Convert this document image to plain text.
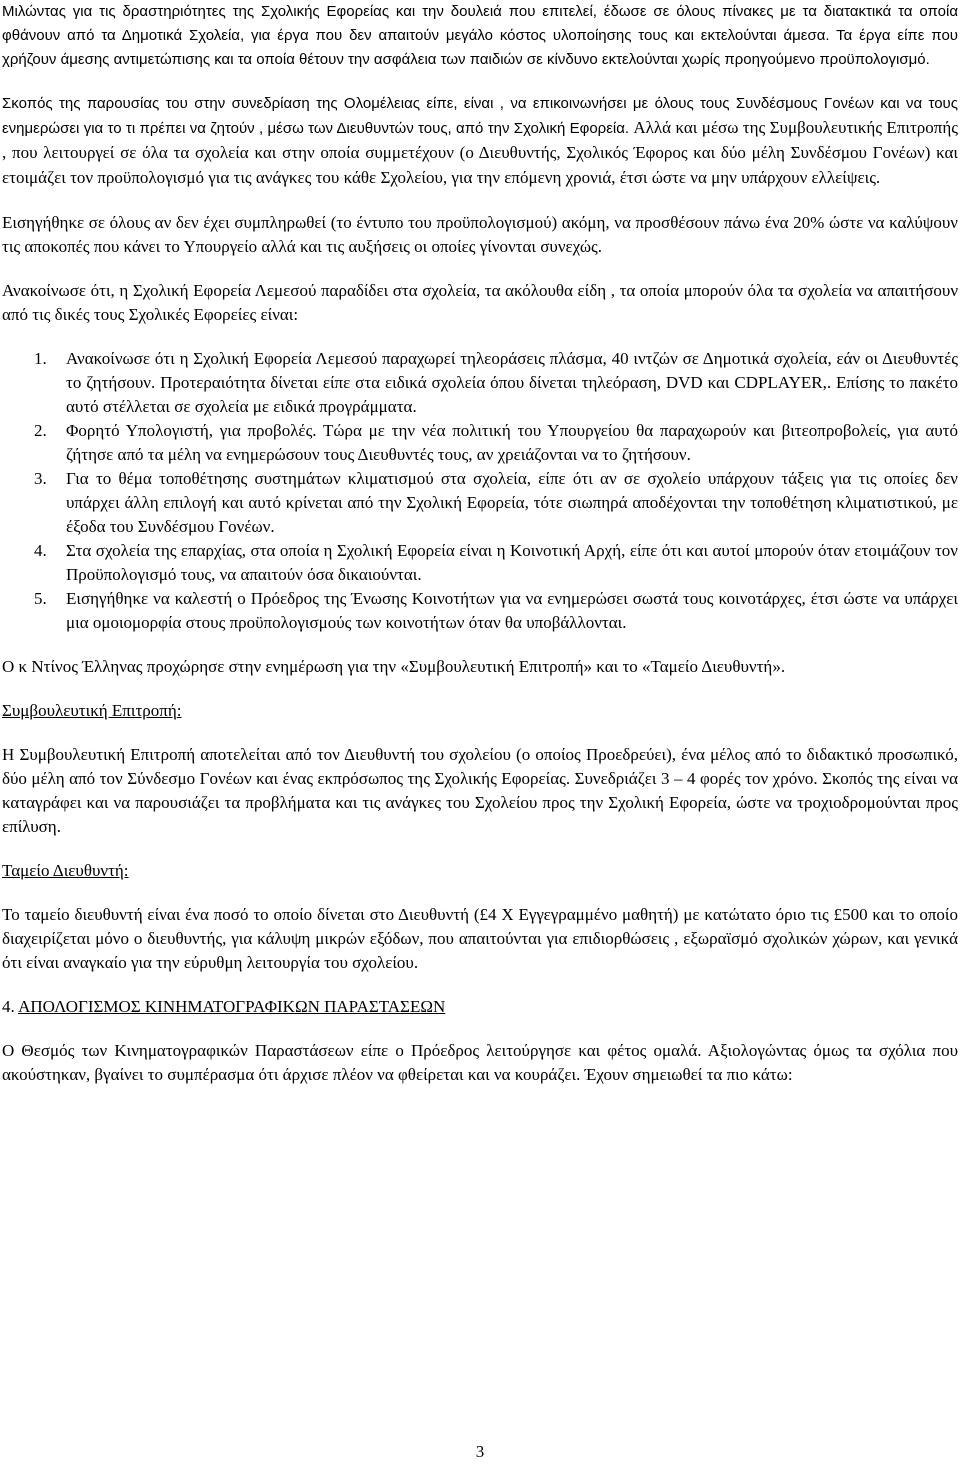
Μιλώντας για τις δραστηριότητες της Σχολικής Εφορείας και την δουλειά που επιτελεί, έδωσε σε όλους πίνακες με τα διατακτικά τα οποία φθάνουν από τα Δημοτικά Σχολεία, για έργα που δεν απαιτούν μεγάλο κόστος υλοποίησης τους και εκτελούνται άμεσα. Τα έργα είπε που χρήζουν άμεσης αντιμετώπισης και τα οποία θέτουν την ασφάλεια των παιδιών σε κίνδυνο εκτελούνται χωρίς προηγούμενο προϋπολογισμό.

Σκοπός της παρουσίας του στην συνεδρίαση της Ολομέλειας είπε, είναι , να επικοινωνήσει με όλους τους Συνδέσμους Γονέων και να τους ενημερώσει για το τι πρέπει να ζητούν , μέσω των Διευθυντών τους, από την Σχολική Εφορεία. Αλλά και μέσω της Συμβουλευτικής Επιτροπής , που λειτουργεί σε όλα τα σχολεία και στην οποία συμμετέχουν (ο Διευθυντής, Σχολικός Έφορος και δύο μέλη Συνδέσμου Γονέων) και ετοιμάζει τον προϋπολογισμό για τις ανάγκες του κάθε Σχολείου, για την επόμενη χρονιά, έτσι ώστε να μην υπάρχουν ελλείψεις.

Εισηγήθηκε σε όλους αν δεν έχει συμπληρωθεί (το έντυπο του προϋπολογισμού) ακόμη, να προσθέσουν πάνω ένα 20% ώστε να καλύψουν τις αποκοπές που κάνει το Υπουργείο αλλά και τις αυξήσεις οι οποίες γίνονται συνεχώς.

Ανακοίνωσε ότι, η Σχολική Εφορεία Λεμεσού παραδίδει στα σχολεία, τα ακόλουθα είδη , τα οποία μπορούν όλα τα σχολεία να απαιτήσουν από τις δικές τους Σχολικές Εφορείες είναι:

1.	Ανακοίνωσε ότι η Σχολική Εφορεία Λεμεσού παραχωρεί τηλεοράσεις πλάσμα, 40 ιντζών σε Δημοτικά σχολεία, εάν οι Διευθυντές το ζητήσουν. Προτεραιότητα δίνεται είπε στα ειδικά σχολεία όπου δίνεται τηλεόραση, DVD και CDPLAYER,. Επίσης το πακέτο αυτό στέλλεται σε σχολεία με ειδικά προγράμματα.
2.	Φορητό Υπολογιστή, για προβολές. Τώρα με την νέα πολιτική του Υπουργείου θα παραχωρούν και βιτεοπροβολείς, για αυτό ζήτησε από τα μέλη να ενημερώσουν τους Διευθυντές τους, αν χρειάζονται να το ζητήσουν.
3.	Για το θέμα τοποθέτησης συστημάτων κλιματισμού στα σχολεία, είπε ότι αν σε σχολείο υπάρχουν τάξεις για τις οποίες δεν υπάρχει άλλη επιλογή και αυτό κρίνεται από την Σχολική Εφορεία, τότε σιωπηρά αποδέχονται την τοποθέτηση κλιματιστικού, με έξοδα του Συνδέσμου Γονέων.
4.	Στα σχολεία της επαρχίας, στα οποία η Σχολική Εφορεία είναι η Κοινοτική Αρχή, είπε ότι και αυτοί μπορούν όταν ετοιμάζουν τον Προϋπολογισμό τους, να απαιτούν όσα δικαιούνται.
5.	Εισηγήθηκε να καλεστή ο Πρόεδρος της Ένωσης Κοινοτήτων για να ενημερώσει σωστά τους κοινοτάρχες, έτσι ώστε να υπάρχει μια ομοιομορφία στους προϋπολογισμούς των κοινοτήτων όταν θα υποβάλλονται.

Ο κ Ντίνος Έλληνας προχώρησε στην ενημέρωση για την «Συμβουλευτική Επιτροπή» και το «Ταμείο Διευθυντή».

Συμβουλευτική Επιτροπή:

Η Συμβουλευτική Επιτροπή αποτελείται από τον Διευθυντή του σχολείου (ο οποίος Προεδρεύει), ένα μέλος από το διδακτικό προσωπικό, δύο μέλη από τον Σύνδεσμο Γονέων και ένας εκπρόσωπος της Σχολικής Εφορείας. Συνεδριάζει 3 – 4 φορές τον χρόνο. Σκοπός της είναι να καταγράφει και να παρουσιάζει τα προβλήματα και τις ανάγκες του Σχολείου προς την Σχολική Εφορεία, ώστε να τροχιοδρομούνται προς επίλυση.

Ταμείο Διευθυντή:

Το ταμείο διευθυντή είναι ένα ποσό το οποίο δίνεται στο Διευθυντή (£4 Χ Εγγεγραμμένο μαθητή) με κατώτατο όριο τις £500 και το οποίο διαχειρίζεται μόνο ο διευθυντής, για κάλυψη μικρών εξόδων, που απαιτούνται για επιδιορθώσεις , εξωραϊσμό σχολικών χώρων, και γενικά ότι είναι αναγκαίο για την εύρυθμη λειτουργία του σχολείου.

4. ΑΠΟΛΟΓΙΣΜΟΣ ΚΙΝΗΜΑΤΟΓΡΑΦΙΚΩΝ ΠΑΡΑΣΤΑΣΕΩΝ

Ο Θεσμός των Κινηματογραφικών Παραστάσεων είπε ο Πρόεδρος λειτούργησε και φέτος ομαλά. Αξιολογώντας όμως τα σχόλια που ακούστηκαν, βγαίνει το συμπέρασμα ότι άρχισε πλέον να φθείρεται και να κουράζει. Έχουν σημειωθεί τα πιο κάτω:

3
